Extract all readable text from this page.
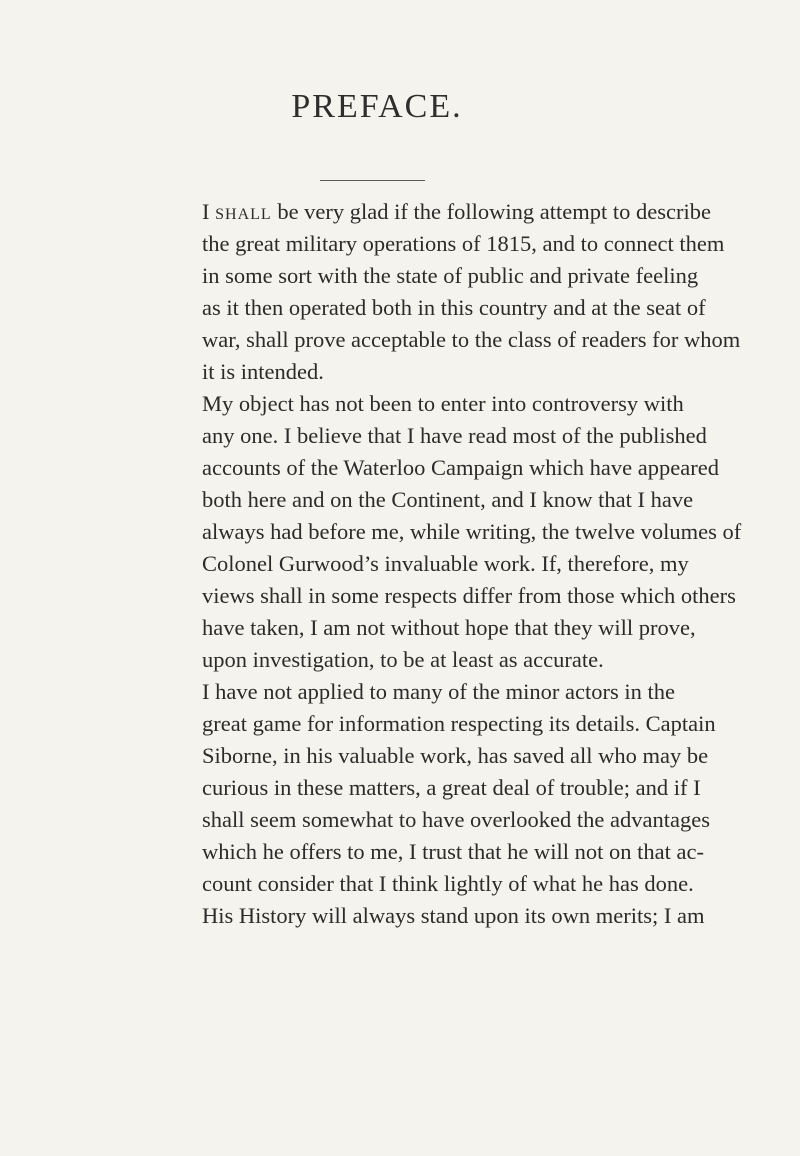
PREFACE.
I shall be very glad if the following attempt to describe
the great military operations of 1815, and to connect them
in some sort with the state of public and private feeling
as it then operated both in this country and at the seat of
war, shall prove acceptable to the class of readers for whom
it is intended.
My object has not been to enter into controversy with
any one. I believe that I have read most of the published
accounts of the Waterloo Campaign which have appeared
both here and on the Continent, and I know that I have
always had before me, while writing, the twelve volumes of
Colonel Gurwood’s invaluable work. If, therefore, my
views shall in some respects differ from those which others
have taken, I am not without hope that they will prove,
upon investigation, to be at least as accurate.
I have not applied to many of the minor actors in the
great game for information respecting its details. Captain
Siborne, in his valuable work, has saved all who may be
curious in these matters, a great deal of trouble; and if I
shall seem somewhat to have overlooked the advantages
which he offers to me, I trust that he will not on that ac-
count consider that I think lightly of what he has done.
His History will always stand upon its own merits; I am
